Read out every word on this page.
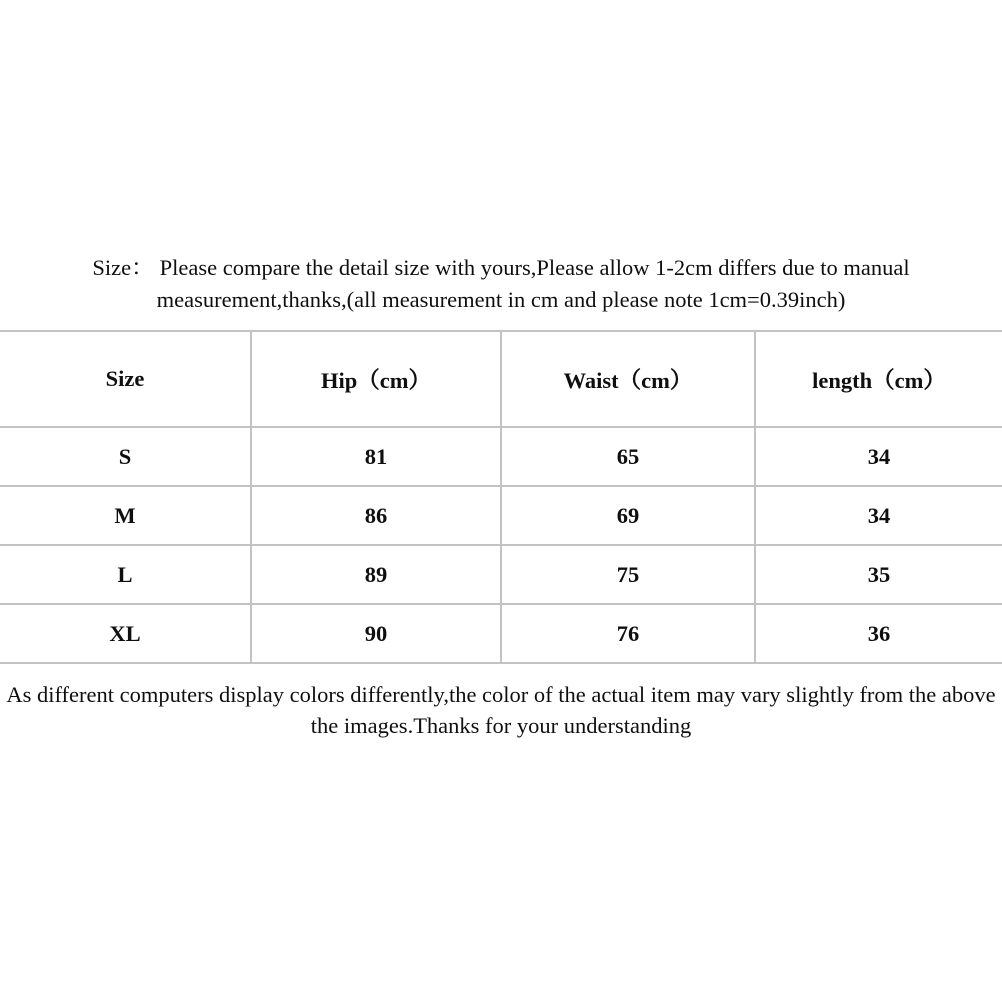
Size： Please compare the detail size with yours,Please allow 1-2cm differs due to manual
measurement,thanks,(all measurement in cm and please note 1cm=0.39inch)
Size	Hip（cm）	Waist（cm）	length（cm）
S	81	65	34
M	86	69	34
L	89	75	35
XL	90	76	36
As different computers display colors differently,the color of the actual item may vary slightly from the above
the images.Thanks for your understanding
